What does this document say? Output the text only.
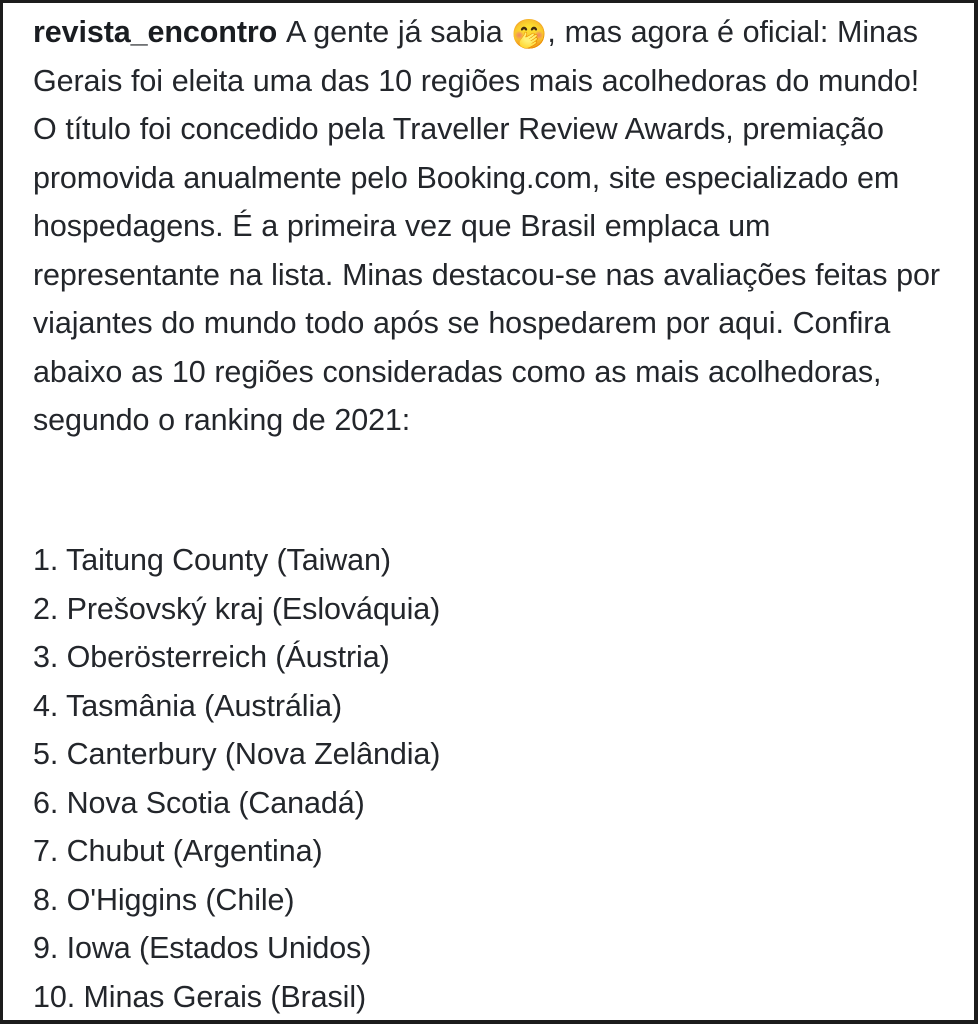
revista_encontro A gente já sabia 🤭, mas agora é oficial: Minas Gerais foi eleita uma das 10 regiões mais acolhedoras do mundo! O título foi concedido pela Traveller Review Awards, premiação promovida anualmente pelo Booking.com, site especializado em hospedagens. É a primeira vez que Brasil emplaca um representante na lista. Minas destacou-se nas avaliações feitas por viajantes do mundo todo após se hospedarem por aqui. Confira abaixo as 10 regiões consideradas como as mais acolhedoras, segundo o ranking de 2021:
1. Taitung County (Taiwan)
2. Prešovský kraj (Eslováquia)
3. Oberösterreich (Áustria)
4. Tasmânia (Austrália)
5. Canterbury (Nova Zelândia)
6. Nova Scotia (Canadá)
7. Chubut (Argentina)
8. O'Higgins (Chile)
9. Iowa (Estados Unidos)
10. Minas Gerais (Brasil)
